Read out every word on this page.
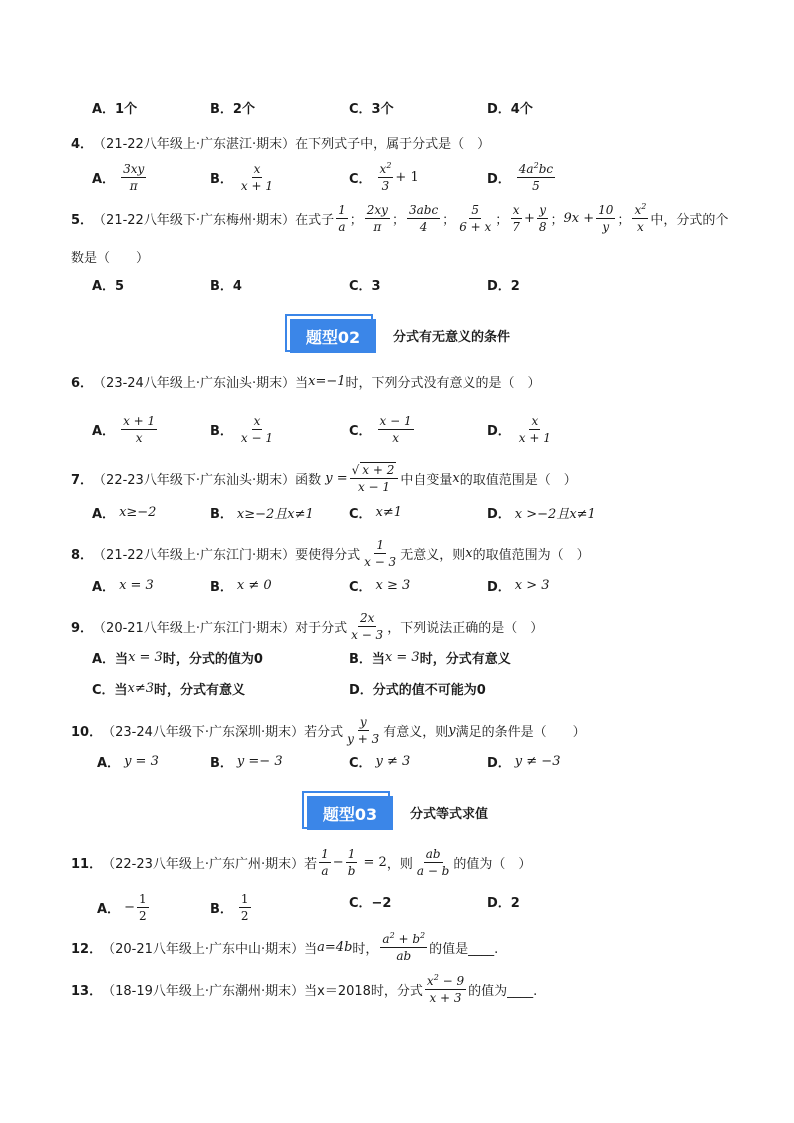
A．1个	B．2个	C．3个	D．4个
4． （21-22八年级上·广东湛江·期末） 在下列式子中，属于分式是（　）
A． $\frac{3xy}{\pi}$	B． $\frac{x}{x + 1}$	C． $\frac{x^2}{3} + 1$	D． $\frac{4a^2bc}{5}$
5． （21-22八年级下·广东梅州·期末） 在式子 $\frac{1}{a}$ ； $\frac{2xy}{\pi}$ ； $\frac{\text{3abc}}{4}$ ； $\frac{5}{6 + x}$ ； $\frac{x}{7} + \frac{y}{8}$ ； $9x + \frac{10}{y}$ ； $\frac{x^2}{x}$ 中，分式的个
数是（　　）
A．5	B．4	C．3	D．2
题型02	分式有无意义的条件
6． （23-24八年级上·广东汕头·期末） 当 x=−1 时，下列分式没有意义的是（　）
A． $\frac{x + 1}{x}$	B． $\frac{x}{x - 1}$	C． $\frac{x - 1}{x}$	D． $\frac{x}{x + 1}$
7． （22-23八年级下·广东汕头·期末） 函数 $y = \frac{√ x + 2}{x - 1}$ 中自变量 x 的取值范围是（　）
A． x≥−2	B． x≥−2且x≠1	C． x≠1	D． x >−2且x≠1
8． （21-22八年级上·广东江门·期末） 要使得分式 $\frac{1}{x - 3}$ 无意义，则 x 的取值范围为（　）
A． x = 3	B． x ≠ 0	C． x ≥ 3	D． x > 3
9． （20-21八年级上·广东江门·期末） 对于分式 $\frac{2x}{x - 3}$ ，下列说法正确的是（　）
A．当 x = 3 时，分式的值为0	B．当 x = 3 时，分式有意义
C．当 x≠3 时，分式有意义	D．分式的值不可能为0
10． （23-24八年级下·广东深圳·期末） 若分式 $\frac{y}{y + 3}$ 有意义，则 y 满足的条件是（　　）
A． y = 3	B． y =− 3	C． y ≠ 3	D． y ≠ −3
题型03	分式等式求值
11． （22-23八年级上·广东广州·期末） 若 $\frac{1}{a} - \frac{1}{b} = 2$ ，则 $\frac{ab}{a - b}$ 的值为（　）
A． − $\frac{1}{2}$	B． $\frac{1}{2}$	C．−2	D．2
12． （20-21八年级上·广东中山·期末） 当 a=4b 时， $\frac{a^2 + b^2}{ab}$ 的值是____.
13． （18-19八年级上·广东潮州·期末） 当x＝2018时，分式 $\frac{x^2 - 9}{x + 3}$ 的值为____.
